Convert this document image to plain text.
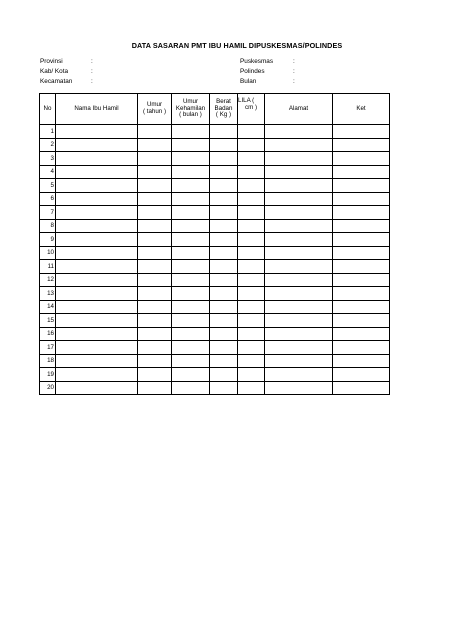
DATA SASARAN PMT IBU HAMIL DIPUSKESMAS/POLINDES
Provinsi	:
Kab/ Kota	:
Kecamatan	:
Puskesmas	:
Polindes	:
Bulan	:
No	Nama Ibu Hamil	Umur
( tahun )	Umur
Kehamilan
( bulan )	Berat
Badan
( Kg )	LILA (
cm )	Alamat	Ket
1							
2							
3							
4							
5							
6							
7							
8							
9							
10							
11							
12							
13							
14							
15							
16							
17							
18							
19							
20							
